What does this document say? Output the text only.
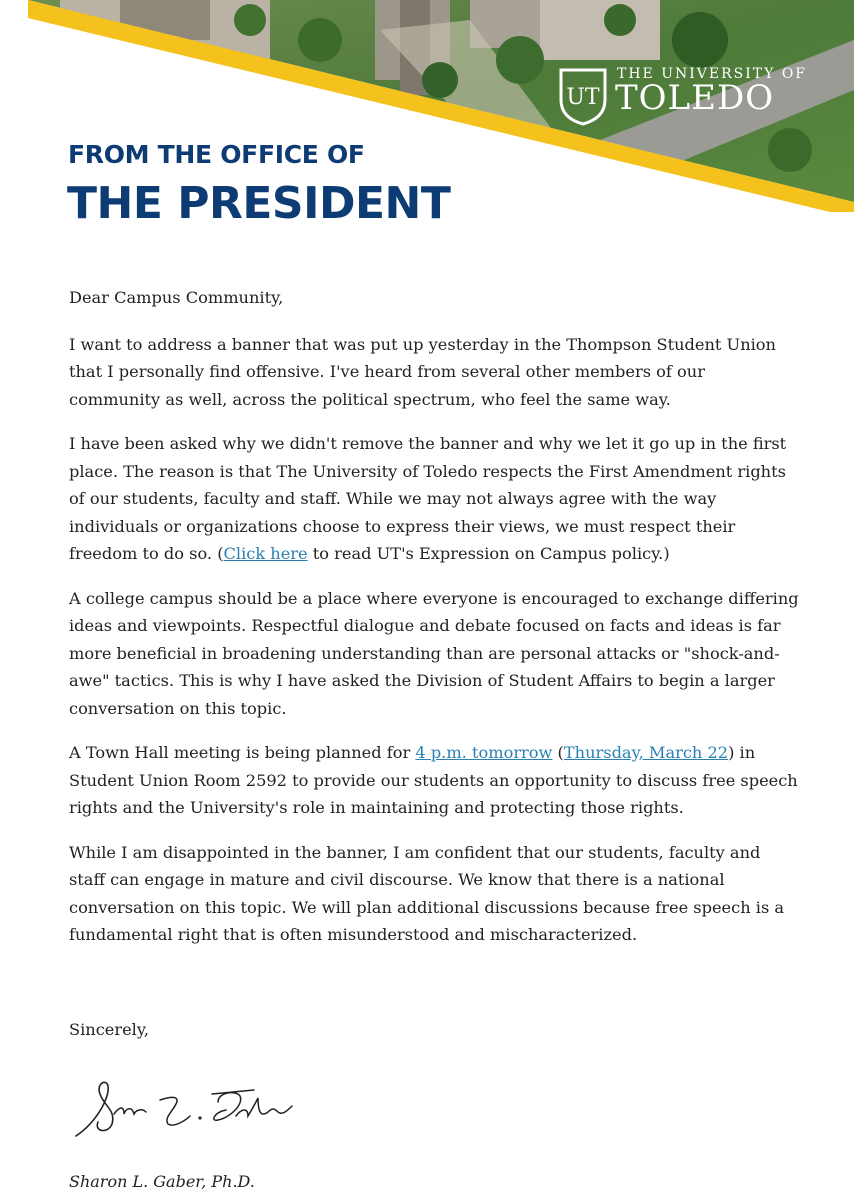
UT
THE UNIVERSITY OF
TOLEDO
FROM THE OFFICE OF
THE PRESIDENT

Dear Campus Community,

I want to address a banner that was put up yesterday in the Thompson Student Union that I personally find offensive. I've heard from several other members of our community as well, across the political spectrum, who feel the same way.

I have been asked why we didn't remove the banner and why we let it go up in the first place. The reason is that The University of Toledo respects the First Amendment rights of our students, faculty and staff. While we may not always agree with the way individuals or organizations choose to express their views, we must respect their freedom to do so. (Click here to read UT's Expression on Campus policy.)

A college campus should be a place where everyone is encouraged to exchange differing ideas and viewpoints. Respectful dialogue and debate focused on facts and ideas is far more beneficial in broadening understanding than are personal attacks or "shock-and-awe" tactics. This is why I have asked the Division of Student Affairs to begin a larger conversation on this topic.

A Town Hall meeting is being planned for 4 p.m. tomorrow (Thursday, March 22) in Student Union Room 2592 to provide our students an opportunity to discuss free speech rights and the University's role in maintaining and protecting those rights.

While I am disappointed in the banner, I am confident that our students, faculty and staff can engage in mature and civil discourse. We know that there is a national conversation on this topic. We will plan additional discussions because free speech is a fundamental right that is often misunderstood and mischaracterized.

Sincerely,
Sharon L. Gaber, Ph.D.
